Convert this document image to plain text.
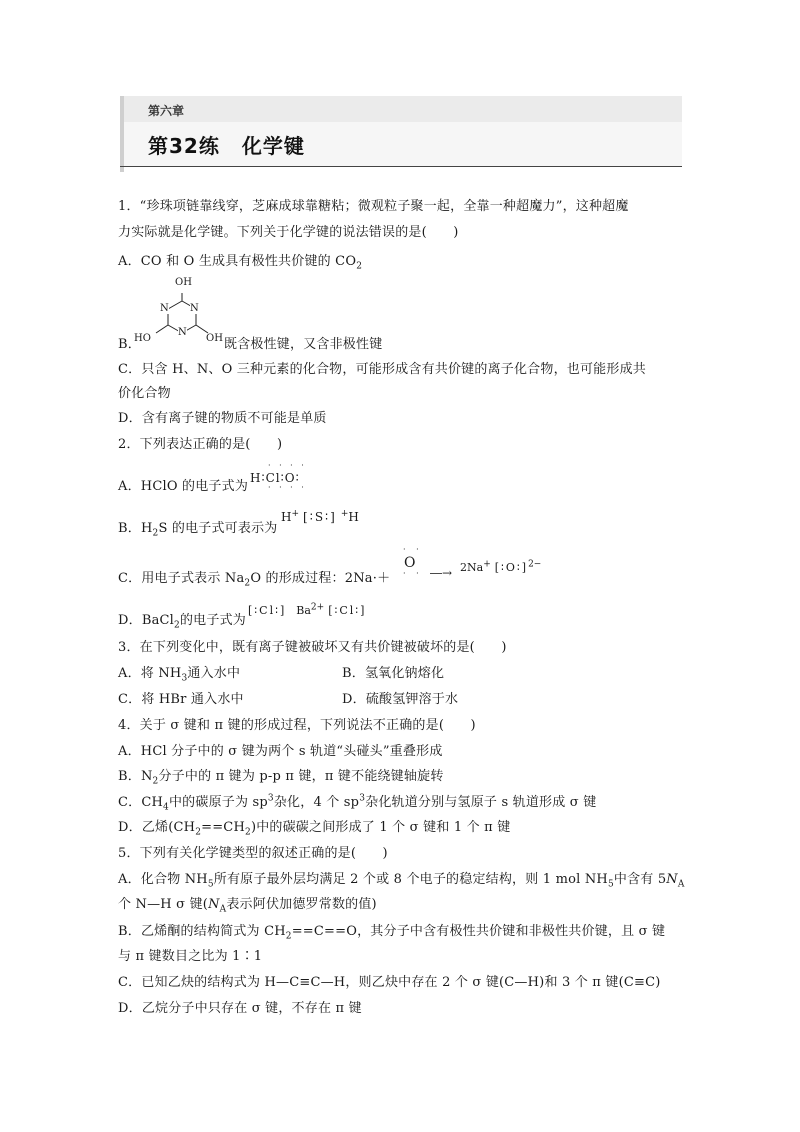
第六章
第32练 化学键
1．“珍珠项链靠线穿，芝麻成球靠糖粘；微观粒子聚一起，全靠一种超魔力”，这种超魔
力实际就是化学键。下列关于化学键的说法错误的是(　　)
A．CO 和 O 生成具有极性共价键的 $CO_2$
OH
N N
N
HO	OH
B．	既含极性键，又含非极性键
C．只含 H、N、O 三种元素的化合物，可能形成含有共价键的离子化合物，也可能形成共
价化合物
D．含有离子键的物质不可能是单质
2．下列表达正确的是(　　)
A．HClO 的电子式为
H∶Cl∶O∶
· · · ·
· · · ·
B．$H_2S$ 的电子式可表示为
H+ [∶S∶] +H
C．用电子式表示 $Na_2O$ 的形成过程：2Na·＋
O
· ·
· · ―→ 2Na+ [∶O∶]$^{2-}$
D．BaCl$_2$的电子式为
[∶Cl∶] $Ba^{2+}$ [∶Cl∶]
3．在下列变化中，既有离子键被破坏又有共价键被破坏的是(　　)
A．将 $NH_3$通入水中	B．氢氧化钠熔化
C．将 HBr 通入水中	D．硫酸氢钾溶于水
4．关于 σ 键和 π 键的形成过程，下列说法不正确的是(　　)
A．HCl 分子中的 σ 键为两个 s 轨道“头碰头”重叠形成
B．$N_2$分子中的 π 键为 p-p π 键，π 键不能绕键轴旋转
C．$CH_4$中的碳原子为 $sp^3$杂化，4 个 $sp^3$杂化轨道分别与氢原子 s 轨道形成 σ 键
D．乙烯$(CH_2==CH_2)$中的碳碳之间形成了 1 个 σ 键和 1 个 π 键
5．下列有关化学键类型的叙述正确的是(　　)
A．化合物 $NH_5$所有原子最外层均满足 2 个或 8 个电子的稳定结构，则 1 mol $NH_5$中含有 $5N_A$
个 N—H σ 键($N_A$表示阿伏加德罗常数的值)
B．乙烯酮的结构简式为 $CH_2==C==O$，其分子中含有极性共价键和非极性共价键，且 σ 键
与 π 键数目之比为 1∶1
C．已知乙炔的结构式为 H—C≡C—H，则乙炔中存在 2 个 σ 键(C—H)和 3 个 π 键(C≡C)
D．乙烷分子中只存在 σ 键，不存在 π 键
